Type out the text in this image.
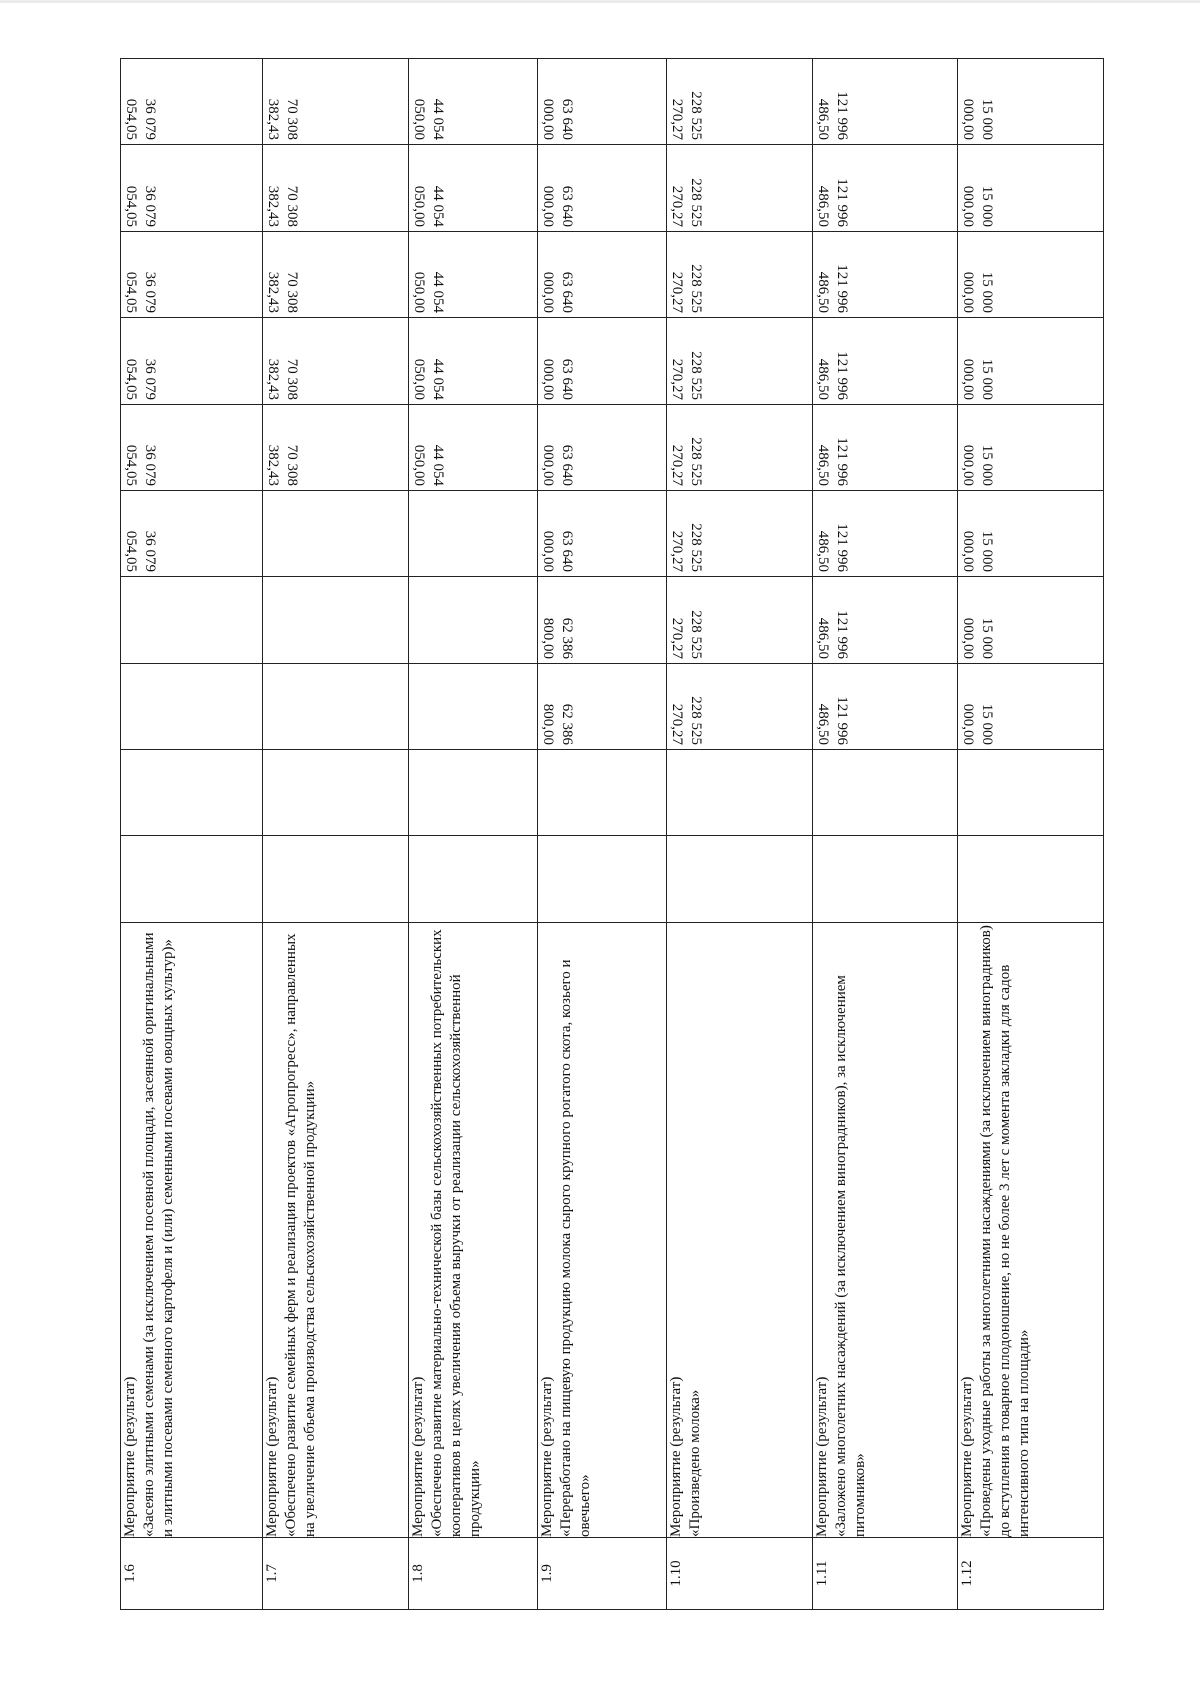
1.6	Мероприятие (результат) «Засеяно элитными семенами (за исключением посевной площади, засеянной оригинальными и элитными посевами семенного картофеля и (или) семенными посевами овощных культур)»					36 079 054,05	36 079 054,05	36 079 054,05	36 079 054,05	36 079 054,05	36 079 054,05
1.7	Мероприятие (результат) «Обеспечено развитие семейных ферм и реализация проектов «Агропрогресс», направленных на увеличение объема производства сельскохозяйственной продукции»						70 308 382,43	70 308 382,43	70 308 382,43	70 308 382,43	70 308 382,43
1.8	Мероприятие (результат) «Обеспечено развитие материально-технической базы сельскохозяйственных потребительских кооперативов в целях увеличения объема выручки от реализации сельскохозяйственной продукции»						44 054 050,00	44 054 050,00	44 054 050,00	44 054 050,00	44 054 050,00
1.9	Мероприятие (результат) «Переработано на пищевую продукцию молока сырого крупного рогатого скота, козьего и овечьего»			62 386 800,00	62 386 800,00	63 640 000,00	63 640 000,00	63 640 000,00	63 640 000,00	63 640 000,00	63 640 000,00
1.10	Мероприятие (результат) «Произведено молока»			228 525 270,27	228 525 270,27	228 525 270,27	228 525 270,27	228 525 270,27	228 525 270,27	228 525 270,27	228 525 270,27
1.11	Мероприятие (результат) «Заложено многолетних насаждений (за исключением виноградников), за исключением питомников»			121 996 486,50	121 996 486,50	121 996 486,50	121 996 486,50	121 996 486,50	121 996 486,50	121 996 486,50	121 996 486,50
1.12	Мероприятие (результат) «Проведены уходные работы за многолетними насаждениями (за исключением виноградников) до вступления в товарное плодоношение, но не более 3 лет с момента закладки для садов интенсивного типа на площади»			15 000 000,00	15 000 000,00	15 000 000,00	15 000 000,00	15 000 000,00	15 000 000,00	15 000 000,00	15 000 000,00
